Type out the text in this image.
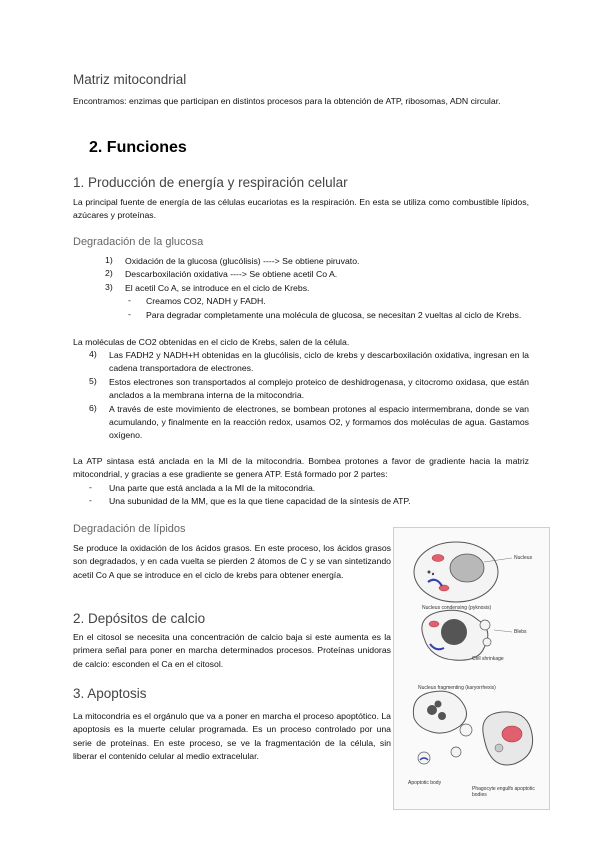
Matriz mitocondrial
Encontramos: enzimas que participan en distintos procesos para la obtención de ATP, ribosomas, ADN circular.
2. Funciones
1. Producción de energía y respiración celular
La principal fuente de energía de las células eucariotas es la respiración. En esta se utiliza como combustible lípidos, azúcares y proteínas.
Degradación de la glucosa
1) Oxidación de la glucosa (glucólisis) ----> Se obtiene piruvato.
2) Descarboxilación oxidativa ----> Se obtiene acetil Co A.
3) El acetil Co A, se introduce en el ciclo de Krebs.
- Creamos CO2, NADH y FADH.
- Para degradar completamente una molécula de glucosa, se necesitan 2 vueltas al ciclo de Krebs.
La moléculas de CO2 obtenidas en el ciclo de Krebs, salen de la célula.
4) Las FADH2 y NADH+H obtenidas en la glucólisis, ciclo de krebs y descarboxilación oxidativa, ingresan en la cadena transportadora de electrones.
5) Estos electrones son transportados al complejo proteico de deshidrogenasa, y citocromo oxidasa, que están anclados a la membrana interna de la mitocondria.
6) A través de este movimiento de electrones, se bombean protones al espacio intermembrana, donde se van acumulando, y finalmente en la reacción redox, usamos O2, y formamos dos moléculas de agua. Gastamos oxígeno.
La ATP sintasa está anclada en la MI de la mitocondria. Bombea protones a favor de gradiente hacia la matriz mitocondrial, y gracias a ese gradiente se genera ATP. Está formado por 2 partes:
- Una parte que está anclada a la MI de la mitocondria.
- Una subunidad de la MM, que es la que tiene capacidad de la síntesis de ATP.
Degradación de lípidos
Se produce la oxidación de los ácidos grasos. En este proceso, los ácidos grasos son degradados, y en cada vuelta se pierden 2 átomos de C y se van sintetizando acetil Co A que se introduce en el ciclo de krebs para obtener energía.
2. Depósitos de calcio
En el citosol se necesita una concentración de calcio baja si este aumenta es la primera señal para poner en marcha determinados procesos. Proteínas unidoras de calcio: esconden el Ca en el citosol.
3. Apoptosis
La mitocondria es el orgánulo que va a poner en marcha el proceso apoptótico. La apoptosis es la muerte celular programada. Es un proceso controlado por una serie de proteínas. En este proceso, se ve la fragmentación de la célula, sin liberar el contenido celular al medio extracelular.
Nucleus
Nucleus condensing (pyknosis)
Blebs
Cell shrinkage
Nucleus fragmenting (karyorrhexis)
Apoptotic body
Phagocyte engulfs apoptotic bodies
